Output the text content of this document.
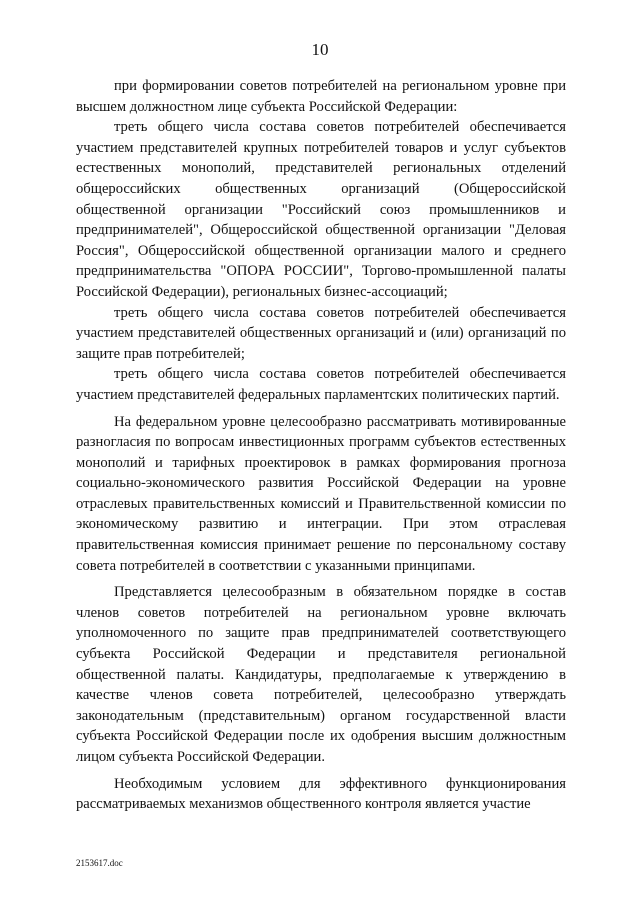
10

при формировании советов потребителей на региональном уровне при высшем должностном лице субъекта Российской Федерации:

треть общего числа состава советов потребителей обеспечивается участием представителей крупных потребителей товаров и услуг субъектов естественных монополий, представителей региональных отделений общероссийских общественных организаций (Общероссийской общественной организации "Российский союз промышленников и предпринимателей", Общероссийской общественной организации "Деловая Россия", Общероссийской общественной организации малого и среднего предпринимательства "ОПОРА РОССИИ", Торгово-промышленной палаты Российской Федерации), региональных бизнес-ассоциаций;

треть общего числа состава советов потребителей обеспечивается участием представителей общественных организаций и (или) организаций по защите прав потребителей;

треть общего числа состава советов потребителей обеспечивается участием представителей федеральных парламентских политических партий.

На федеральном уровне целесообразно рассматривать мотивированные разногласия по вопросам инвестиционных программ субъектов естественных монополий и тарифных проектировок в рамках формирования прогноза социально-экономического развития Российской Федерации на уровне отраслевых правительственных комиссий и Правительственной комиссии по экономическому развитию и интеграции. При этом отраслевая правительственная комиссия принимает решение по персональному составу совета потребителей в соответствии с указанными принципами.

Представляется целесообразным в обязательном порядке в состав членов советов потребителей на региональном уровне включать уполномоченного по защите прав предпринимателей соответствующего субъекта Российской Федерации и представителя региональной общественной палаты. Кандидатуры, предполагаемые к утверждению в качестве членов совета потребителей, целесообразно утверждать законодательным (представительным) органом государственной власти субъекта Российской Федерации после их одобрения высшим должностным лицом субъекта Российской Федерации.

Необходимым условием для эффективного функционирования рассматриваемых механизмов общественного контроля является участие

2153617.doc
